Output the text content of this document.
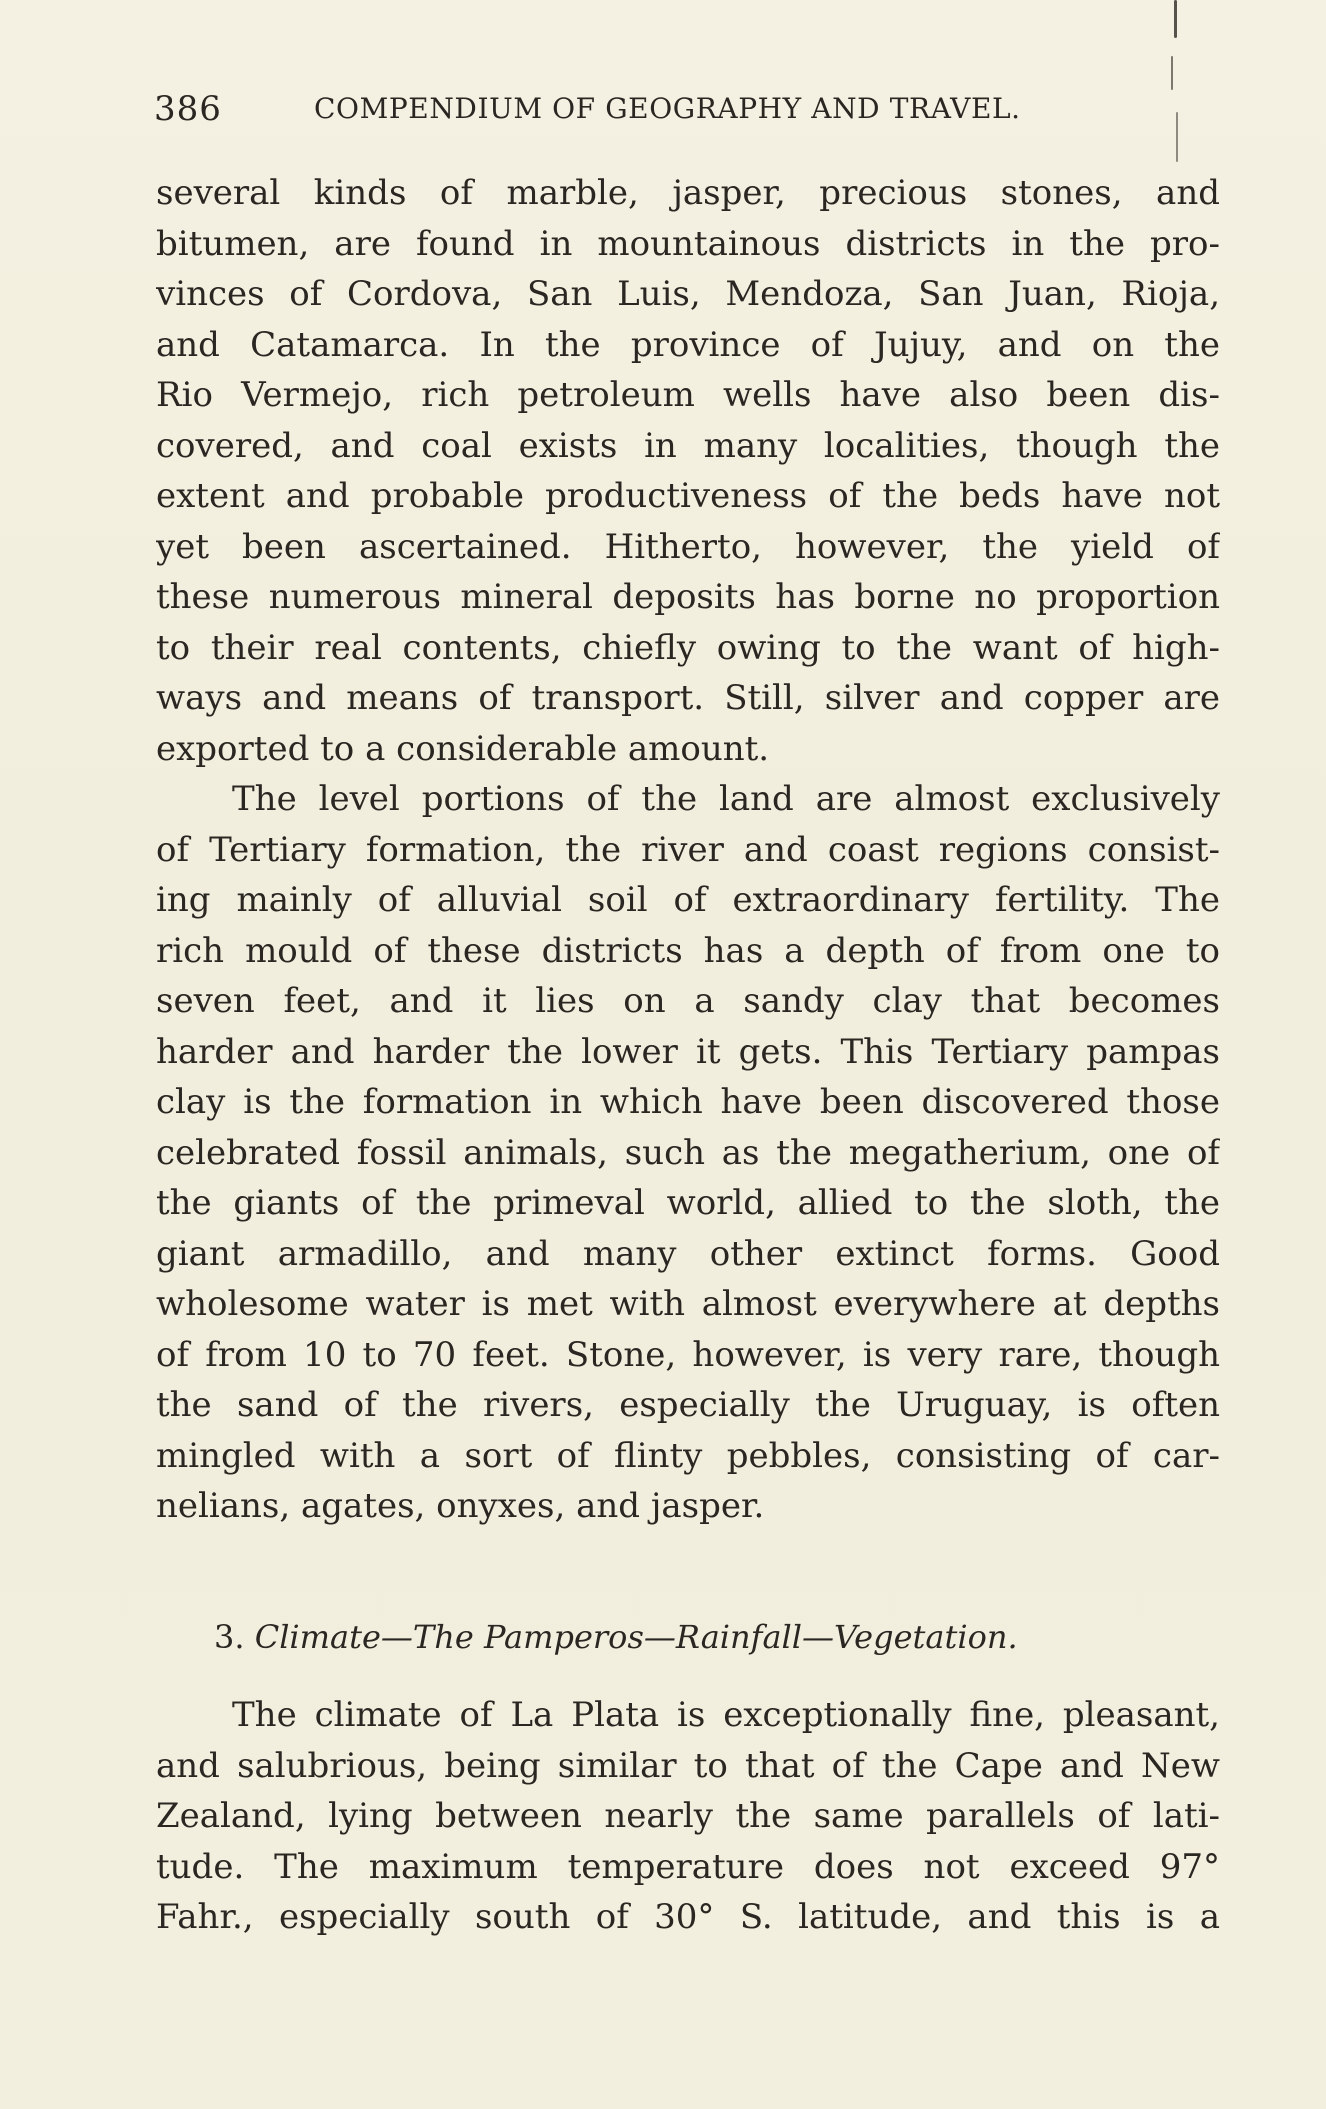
386	COMPENDIUM OF GEOGRAPHY AND TRAVEL.
several kinds of marble, jasper, precious stones, and
bitumen, are found in mountainous districts in the pro-
vinces of Cordova, San Luis, Mendoza, San Juan, Rioja,
and Catamarca. In the province of Jujuy, and on the
Rio Vermejo, rich petroleum wells have also been dis-
covered, and coal exists in many localities, though the
extent and probable productiveness of the beds have not
yet been ascertained. Hitherto, however, the yield of
these numerous mineral deposits has borne no proportion
to their real contents, chiefly owing to the want of high-
ways and means of transport. Still, silver and copper are
exported to a considerable amount.
The level portions of the land are almost exclusively
of Tertiary formation, the river and coast regions consist-
ing mainly of alluvial soil of extraordinary fertility. The
rich mould of these districts has a depth of from one to
seven feet, and it lies on a sandy clay that becomes
harder and harder the lower it gets. This Tertiary pampas
clay is the formation in which have been discovered those
celebrated fossil animals, such as the megatherium, one of
the giants of the primeval world, allied to the sloth, the
giant armadillo, and many other extinct forms. Good
wholesome water is met with almost everywhere at depths
of from 10 to 70 feet. Stone, however, is very rare, though
the sand of the rivers, especially the Uruguay, is often
mingled with a sort of flinty pebbles, consisting of car-
nelians, agates, onyxes, and jasper.
3. Climate—The Pamperos—Rainfall—Vegetation.
The climate of La Plata is exceptionally fine, pleasant,
and salubrious, being similar to that of the Cape and New
Zealand, lying between nearly the same parallels of lati-
tude. The maximum temperature does not exceed 97°
Fahr., especially south of 30° S. latitude, and this is a
